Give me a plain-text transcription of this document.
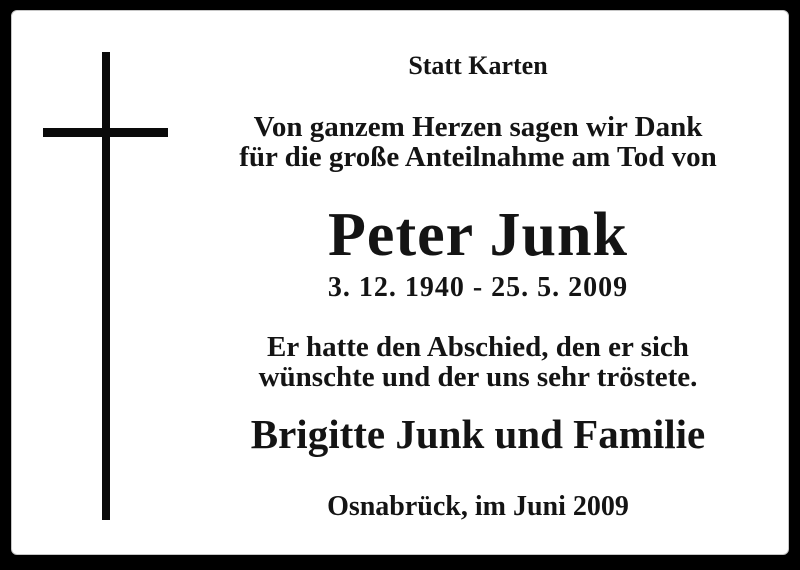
Statt Karten
Von ganzem Herzen sagen wir Dank
für die große Anteilnahme am Tod von
Peter Junk
3. 12. 1940 - 25. 5. 2009
Er hatte den Abschied, den er sich
wünschte und der uns sehr tröstete.
Brigitte Junk und Familie
Osnabrück, im Juni 2009
